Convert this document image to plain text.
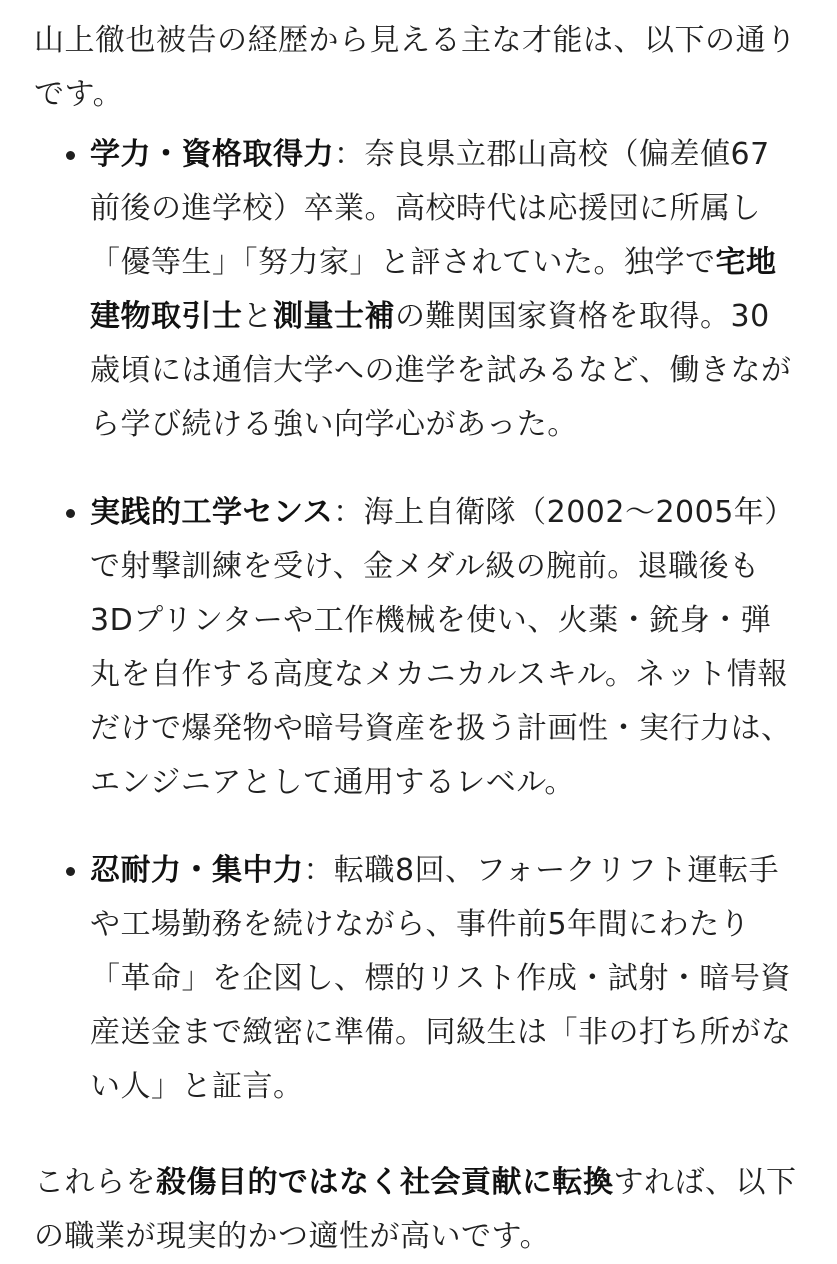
山上徹也被告の経歴から見える主な才能は、以下の通りです。

学力・資格取得力：奈良県立郡山高校（偏差値67前後の進学校）卒業。高校時代は応援団に所属し「優等生」「努力家」と評されていた。独学で宅地建物取引士と測量士補の難関国家資格を取得。30歳頃には通信大学への進学を試みるなど、働きながら学び続ける強い向学心があった。
実践的工学センス：海上自衛隊（2002〜2005年）で射撃訓練を受け、金メダル級の腕前。退職後も3Dプリンターや工作機械を使い、火薬・銃身・弾丸を自作する高度なメカニカルスキル。ネット情報だけで爆発物や暗号資産を扱う計画性・実行力は、エンジニアとして通用するレベル。
忍耐力・集中力：転職8回、フォークリフト運転手や工場勤務を続けながら、事件前5年間にわたり「革命」を企図し、標的リスト作成・試射・暗号資産送金まで緻密に準備。同級生は「非の打ち所がない人」と証言。

これらを殺傷目的ではなく社会貢献に転換すれば、以下の職業が現実的かつ適性が高いです。
